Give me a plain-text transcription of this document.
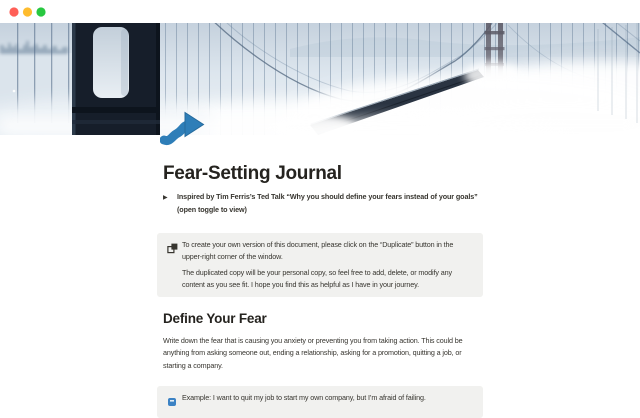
Fear-Setting Journal
▶	Inspired by Tim Ferris’s Ted Talk “Why you should define your fears instead of your goals”
(open toggle to view)

To create your own version of this document, please click on the “Duplicate” button in the upper-right corner of the window.

The duplicated copy will be your personal copy, so feel free to add, delete, or modify any content as you see fit. I hope you find this as helpful as I have in your journey.

Define Your Fear

Write down the fear that is causing you anxiety or preventing you from taking action. This could be anything from asking someone out, ending a relationship, asking for a promotion, quitting a job, or starting a company.

Example: I want to quit my job to start my own company, but I’m afraid of failing.
